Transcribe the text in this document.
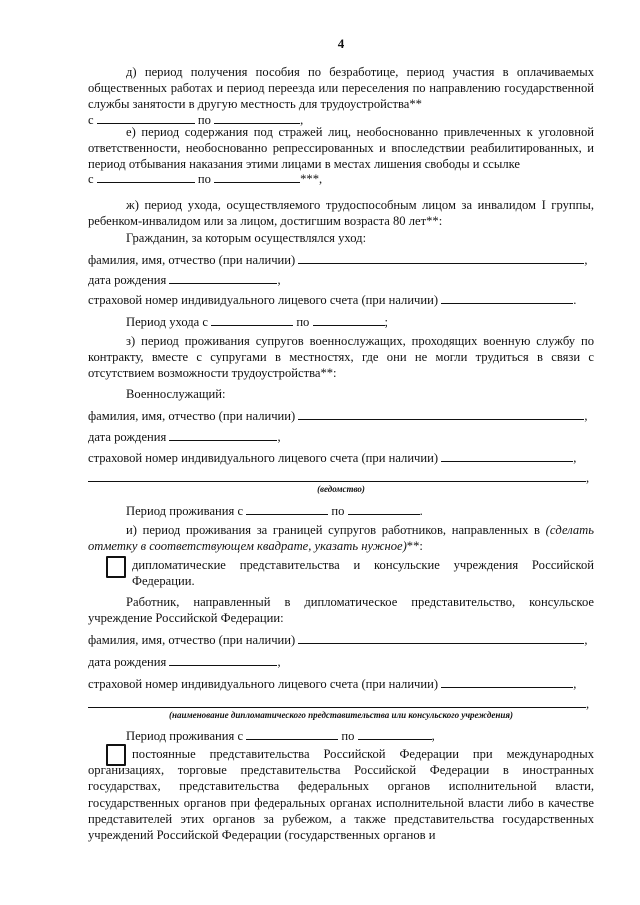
4
д) период получения пособия по безработице, период участия в оплачиваемых общественных работах и период переезда или переселения по направлению государственной службы занятости в другую местность для трудоустройства**
с	по	,
е) период содержания под стражей лиц, необоснованно привлеченных к уголовной ответственности, необоснованно репрессированных и впоследствии реабилитированных, и период отбывания наказания этими лицами в местах лишения свободы и ссылке
с	по	***,
ж) период ухода, осуществляемого трудоспособным лицом за инвалидом I группы, ребенком-инвалидом или за лицом, достигшим возраста 80 лет**:
Гражданин, за которым осуществлялся уход:
фамилия, имя, отчество (при наличии)	,
дата рождения	,
страховой номер индивидуального лицевого счета (при наличии)	.
Период ухода с	по	;
з) период проживания супругов военнослужащих, проходящих военную службу по контракту, вместе с супругами в местностях, где они не могли трудиться в связи с отсутствием возможности трудоустройства**:
Военнослужащий:
фамилия, имя, отчество (при наличии)	,
дата рождения	,
страховой номер индивидуального лицевого счета (при наличии)	,
,
(ведомство)
Период проживания с	по	.
и) период проживания за границей супругов работников, направленных в (сделать отметку в соответствующем квадрате, указать нужное)**:
дипломатические представительства и консульские учреждения Российской Федерации.
Работник, направленный в дипломатическое представительство, консульское учреждение Российской Федерации:
фамилия, имя, отчество (при наличии)	,
дата рождения	,
страховой номер индивидуального лицевого счета (при наличии)	,
,
(наименование дипломатического представительства или консульского учреждения)
Период проживания с	по	,
постоянные представительства Российской Федерации при международных организациях, торговые представительства Российской Федерации в иностранных государствах, представительства федеральных органов исполнительной власти, государственных органов при федеральных органах исполнительной власти либо в качестве представителей этих органов за рубежом, а также представительства государственных учреждений Российской Федерации (государственных органов и
